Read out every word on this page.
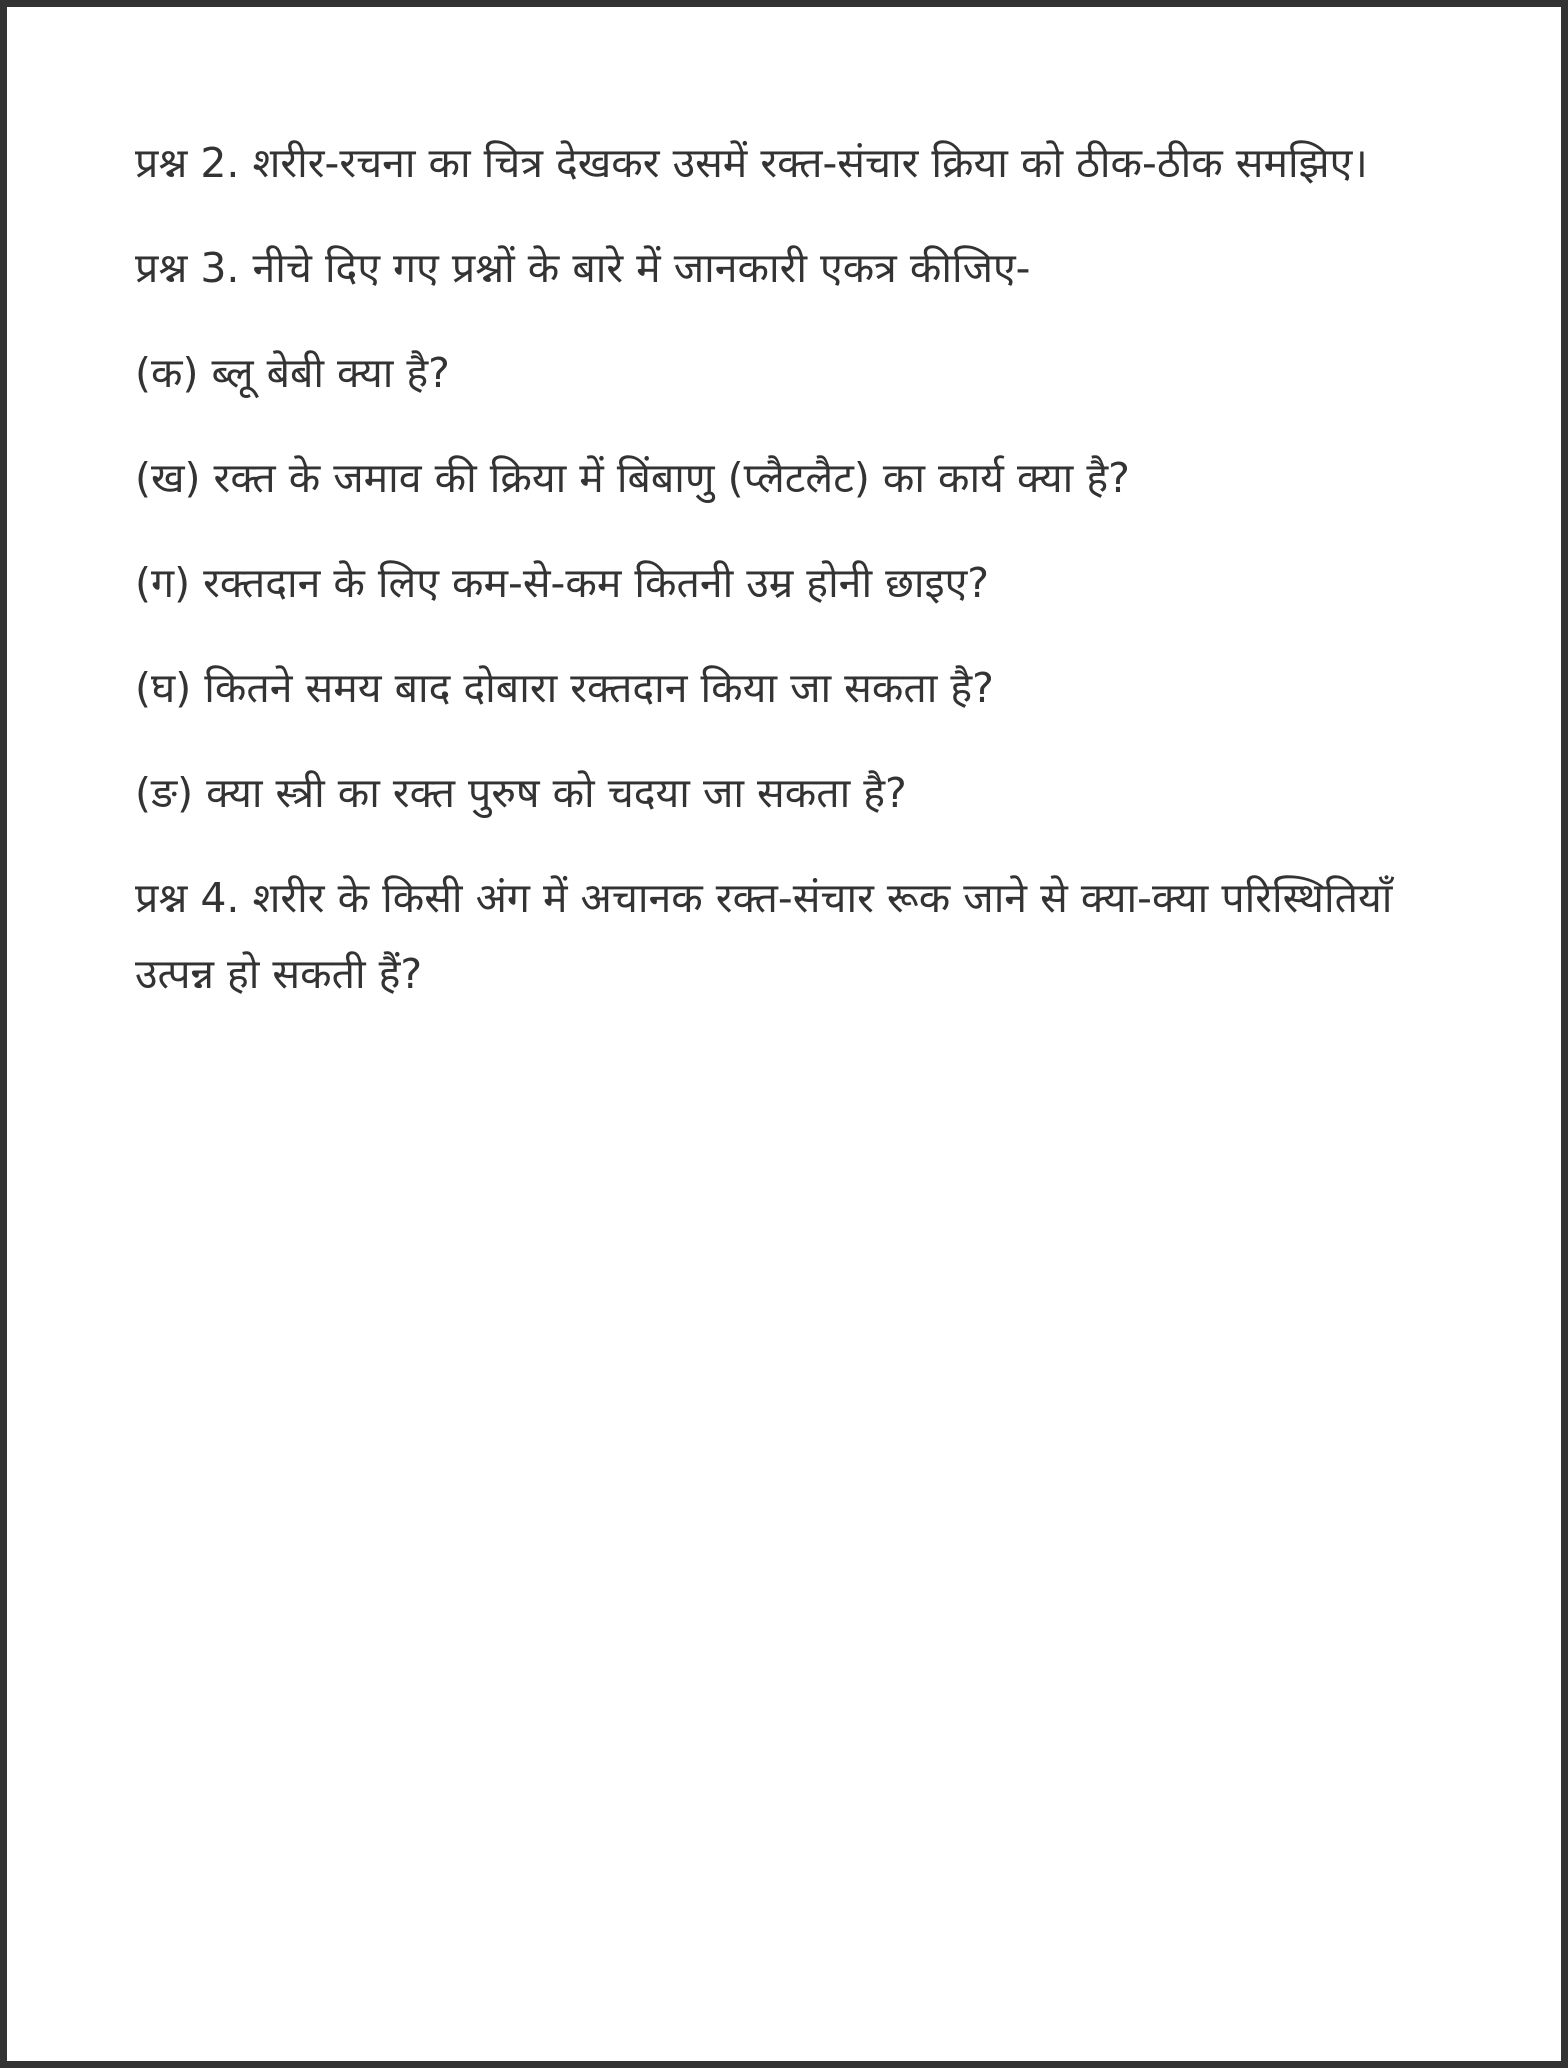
प्रश्न 2. शरीर-रचना का चित्र देखकर उसमें रक्त-संचार क्रिया को ठीक-ठीक समझिए।

प्रश्न 3. नीचे दिए गए प्रश्नों के बारे में जानकारी एकत्र कीजिए-

(क) ब्लू बेबी क्या है?

(ख) रक्त के जमाव की क्रिया में बिंबाणु (प्लैटलैट) का कार्य क्या है?

(ग) रक्तदान के लिए कम-से-कम कितनी उम्र होनी छाइए?

(घ) कितने समय बाद दोबारा रक्तदान किया जा सकता है?

(ङ) क्या स्त्री का रक्त पुरुष को चदया जा सकता है?

प्रश्न 4. शरीर के किसी अंग में अचानक रक्त-संचार रूक जाने से क्या-क्या परिस्थितियाँ उत्पन्न हो सकती हैं?
